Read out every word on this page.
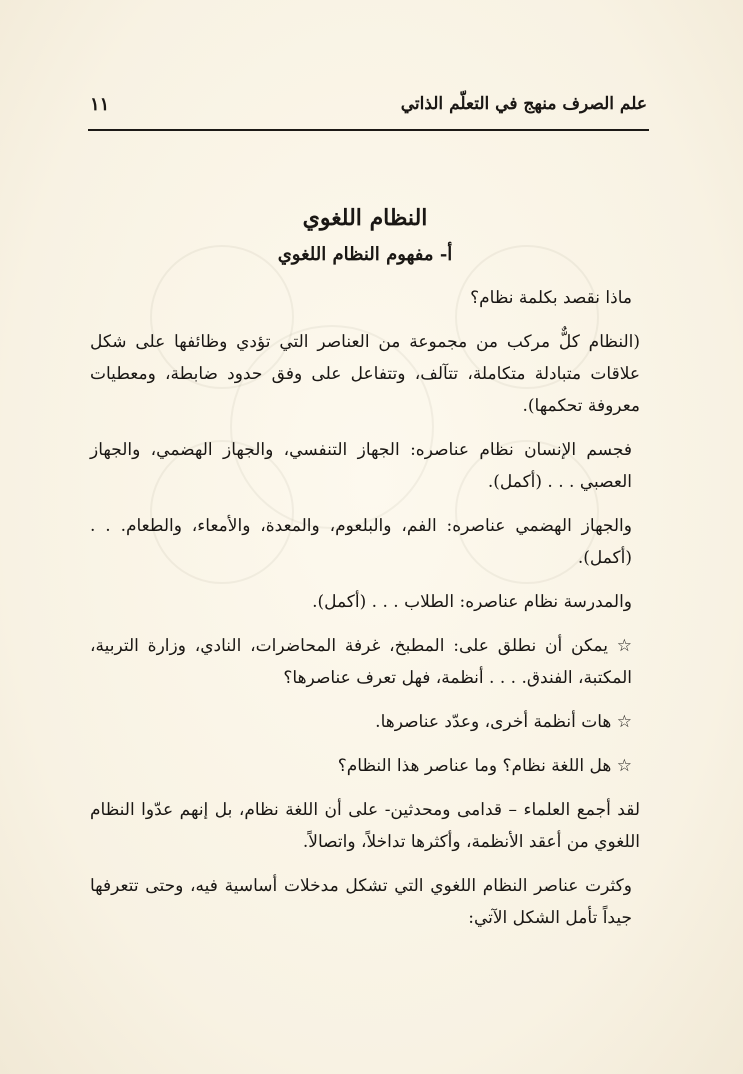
علم الصرف منهج في التعلّم الذاتي
١١
النظام اللغوي
أ- مفهوم النظام اللغوي

ماذا نقصد بكلمة نظام؟

(النظام كلٌّ مركب من مجموعة من العناصر التي تؤدي وظائفها على شكل علاقات متبادلة متكاملة، تتآلف، وتتفاعل على وفق حدود ضابطة، ومعطيات معروفة تحكمها).

فجسم الإنسان نظام عناصره: الجهاز التنفسي، والجهاز الهضمي، والجهاز العصبي . . . (أكمل).

والجهاز الهضمي عناصره: الفم، والبلعوم، والمعدة، والأمعاء، والطعام. . . (أكمل).

والمدرسة نظام عناصره: الطلاب . . . (أكمل).

☆ يمكن أن نطلق على: المطبخ، غرفة المحاضرات، النادي، وزارة التربية، المكتبة، الفندق. . . . أنظمة، فهل تعرف عناصرها؟

☆ هات أنظمة أخرى، وعدّد عناصرها.

☆ هل اللغة نظام؟ وما عناصر هذا النظام؟

لقد أجمع العلماء – قدامى ومحدثين- على أن اللغة نظام، بل إنهم عدّوا النظام اللغوي من أعقد الأنظمة، وأكثرها تداخلاً، واتصالاً.

وكثرت عناصر النظام اللغوي التي تشكل مدخلات أساسية فيه، وحتى تتعرفها جيداً تأمل الشكل الآتي:
